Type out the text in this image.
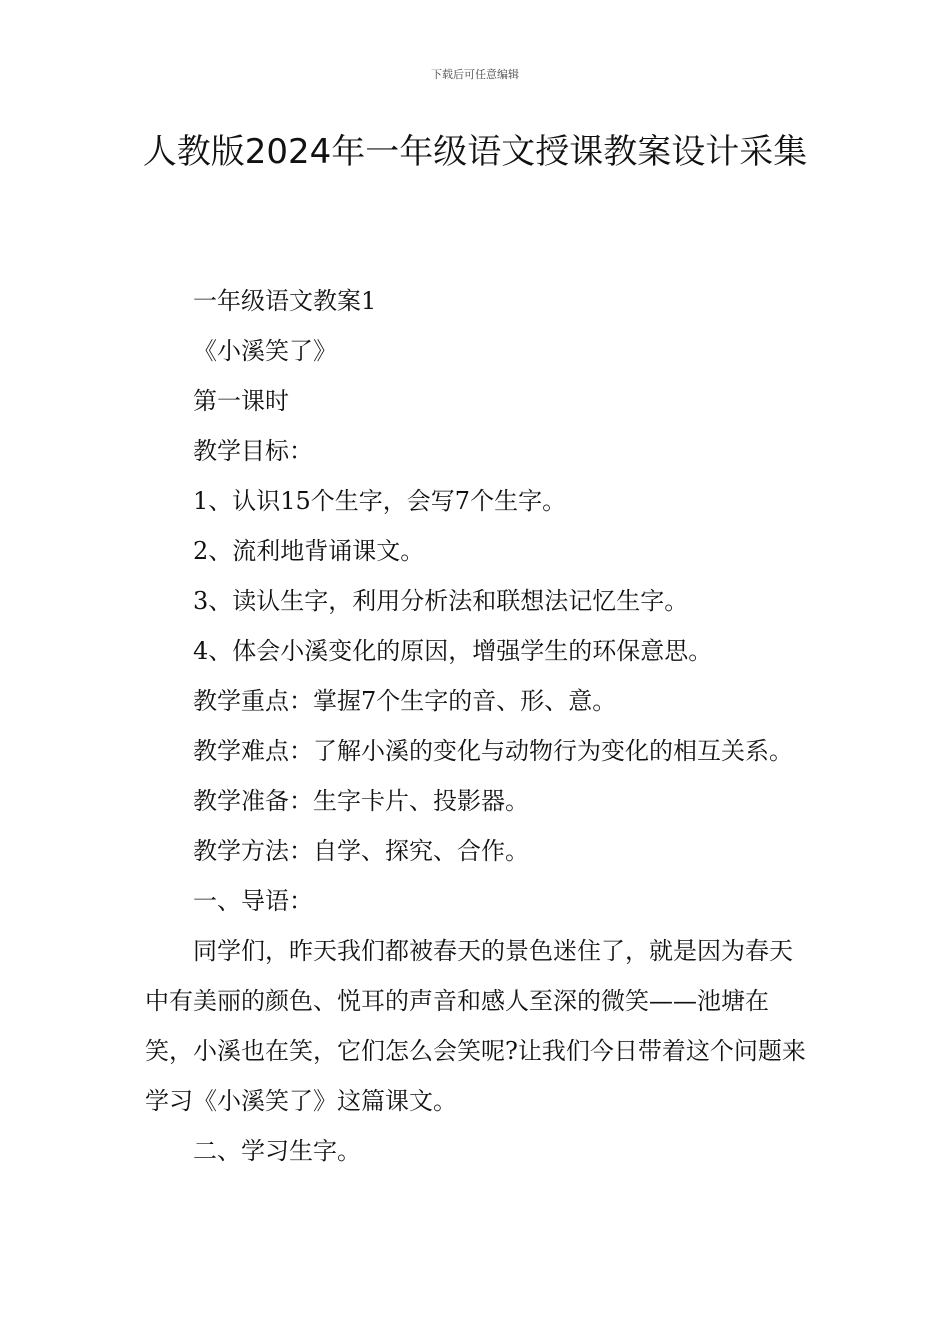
下载后可任意编辑
人教版2024年一年级语文授课教案设计采集

一年级语文教案1

《小溪笑了》

第一课时

教学目标：

1、认识15个生字，会写7个生字。

2、流利地背诵课文。

3、读认生字，利用分析法和联想法记忆生字。

4、体会小溪变化的原因，增强学生的环保意思。

教学重点：掌握7个生字的音、形、意。

教学难点：了解小溪的变化与动物行为变化的相互关系。

教学准备：生字卡片、投影器。

教学方法：自学、探究、合作。

一、导语：

同学们，昨天我们都被春天的景色迷住了，就是因为春天中有美丽的颜色、悦耳的声音和感人至深的微笑——池塘在笑，小溪也在笑，它们怎么会笑呢?让我们今日带着这个问题来学习《小溪笑了》这篇课文。

二、学习生字。
